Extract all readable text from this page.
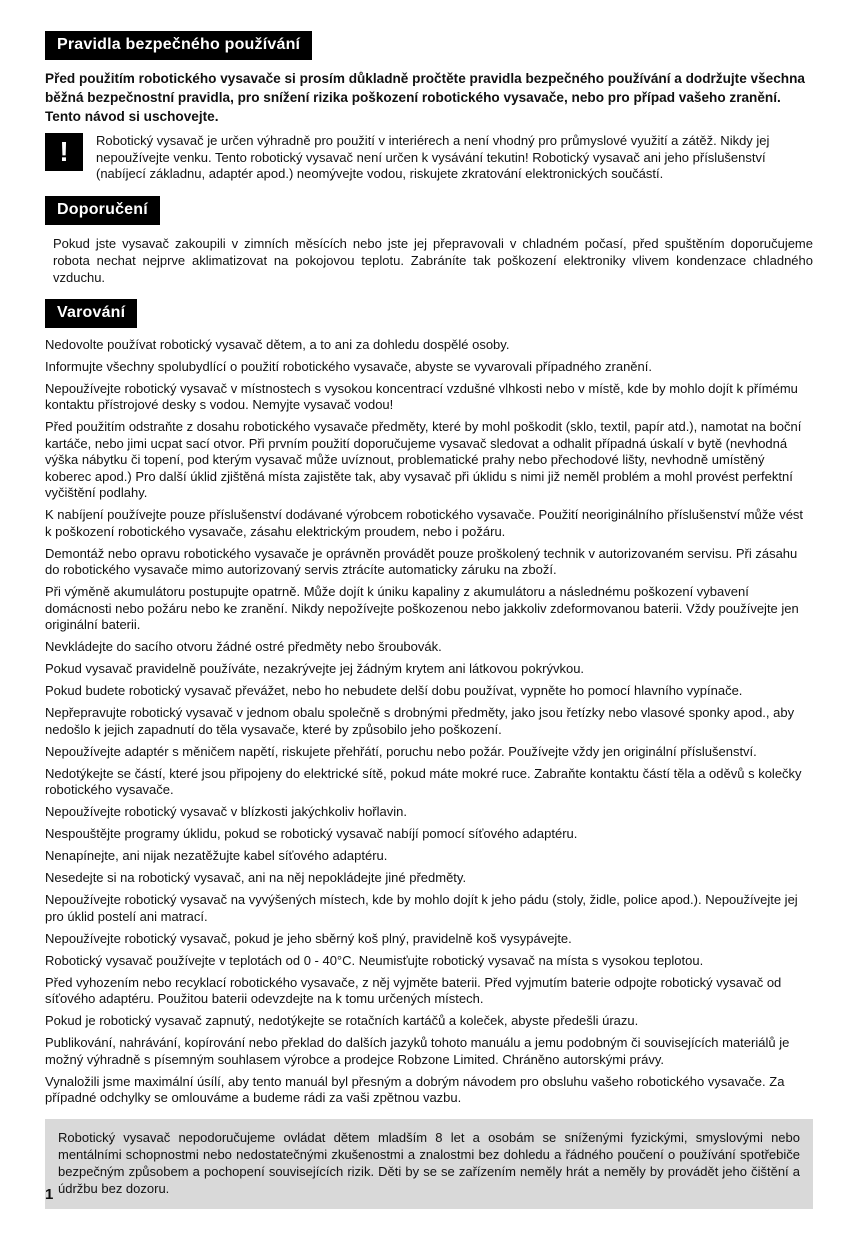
Pravidla bezpečného používání

Před použitím robotického vysavače si prosím důkladně pročtěte pravidla bezpečného používání a dodržujte všechna běžná bezpečnostní pravidla, pro snížení rizika poškození robotického vysavače, nebo pro případ vašeho zranění. Tento návod si uschovejte.

!	Robotický vysavač je určen výhradně pro použití v interiérech a není vhodný pro průmyslové využití a zátěž. Nikdy jej nepoužívejte venku. Tento robotický vysavač není určen k vysávání tekutin! Robotický vysavač ani jeho příslušenství (nabíjecí základnu, adaptér apod.) neomývejte vodou, riskujete zkratování elektronických součástí.

Doporučení

Pokud jste vysavač zakoupili v zimních měsících nebo jste jej přepravovali v chladném počasí, před spuštěním doporučujeme robota nechat nejprve aklimatizovat na pokojovou teplotu. Zabráníte tak poškození elektroniky vlivem kondenzace chladného vzduchu.

Varování

Nedovolte používat robotický vysavač dětem, a to ani za dohledu dospělé osoby.

Informujte všechny spolubydlící o použití robotického vysavače, abyste se vyvarovali případného zranění.

Nepoužívejte robotický vysavač v místnostech s vysokou koncentrací vzdušné vlhkosti nebo v místě, kde by mohlo dojít k přímému kontaktu přístrojové desky s vodou. Nemyjte vysavač vodou!

Před použitím odstraňte z dosahu robotického vysavače předměty, které by mohl poškodit (sklo, textil, papír atd.), namotat na boční kartáče, nebo jimi ucpat sací otvor. Při prvním použití doporučujeme vysavač sledovat a odhalit případná úskalí v bytě (nevhodná výška nábytku či topení, pod kterým vysavač může uvíznout, problematické prahy nebo přechodové lišty, nevhodně umístěný koberec apod.) Pro další úklid zjištěná místa zajistěte tak, aby vysavač při úklidu s nimi již neměl problém a mohl provést perfektní vyčištění podlahy.

K nabíjení používejte pouze příslušenství dodávané výrobcem robotického vysavače. Použití neoriginálního příslušenství může vést k poškození robotického vysavače, zásahu elektrickým proudem, nebo i požáru.

Demontáž nebo opravu robotického vysavače je oprávněn provádět pouze proškolený technik v autorizovaném servisu. Při zásahu do robotického vysavače mimo autorizovaný servis ztrácíte automaticky záruku na zboží.

Při výměně akumulátoru postupujte opatrně. Může dojít k úniku kapaliny z akumulátoru a následnému poškození vybavení domácnosti nebo požáru nebo ke zranění. Nikdy nepožívejte poškozenou nebo jakkoliv zdeformovanou baterii. Vždy používejte jen originální baterii.

Nevkládejte do sacího otvoru žádné ostré předměty nebo šroubovák.

Pokud vysavač pravidelně používáte, nezakrývejte jej žádným krytem ani látkovou pokrývkou.

Pokud budete robotický vysavač převážet, nebo ho nebudete delší dobu používat, vypněte ho pomocí hlavního vypínače.

Nepřepravujte robotický vysavač v jednom obalu společně s drobnými předměty, jako jsou řetízky nebo vlasové sponky apod., aby nedošlo k jejich zapadnutí do těla vysavače, které by způsobilo jeho poškození.

Nepoužívejte adaptér s měničem napětí, riskujete přehřátí, poruchu nebo požár. Používejte vždy jen originální příslušenství.

Nedotýkejte se částí, které jsou připojeny do elektrické sítě, pokud máte mokré ruce. Zabraňte kontaktu částí těla a oděvů s kolečky robotického vysavače.

Nepoužívejte robotický vysavač v blízkosti jakýchkoliv hořlavin.

Nespouštějte programy úklidu, pokud se robotický vysavač nabíjí pomocí síťového adaptéru.

Nenapínejte, ani nijak nezatěžujte kabel síťového adaptéru.

Nesedejte si na robotický vysavač, ani na něj nepokládejte jiné předměty.

Nepoužívejte robotický vysavač na vyvýšených místech, kde by mohlo dojít k jeho pádu (stoly, židle, police apod.). Nepoužívejte jej pro úklid postelí ani matrací.

Nepoužívejte robotický vysavač, pokud je jeho sběrný koš plný, pravidelně koš vysypávejte.

Robotický vysavač používejte v teplotách od 0 - 40°C. Neumisťujte robotický vysavač na místa s vysokou teplotou.

Před vyhozením nebo recyklací robotického vysavače, z něj vyjměte baterii. Před vyjmutím baterie odpojte robotický vysavač od síťového adaptéru. Použitou baterii odevzdejte na k tomu určených místech.

Pokud je robotický vysavač zapnutý, nedotýkejte se rotačních kartáčů a koleček, abyste předešli úrazu.

Publikování, nahrávání, kopírování nebo překlad do dalších jazyků tohoto manuálu a jemu podobným či souvisejících materiálů je možný výhradně s písemným souhlasem výrobce a prodejce Robzone Limited. Chráněno autorskými právy.

Vynaložili jsme maximální úsílí, aby tento manuál byl přesným a dobrým návodem pro obsluhu vašeho robotického vysavače. Za případné odchylky se omlouváme a budeme rádi za vaši zpětnou vazbu.

Robotický vysavač nepodoručujeme ovládat dětem mladším 8 let a osobám se sníženými fyzickými, smyslovými nebo mentálními schopnostmi nebo nedostatečnými zkušenostmi a znalostmi bez dohledu a řádného poučení o používání spotřebiče bezpečným způsobem a pochopení souvisejících rizik. Děti by se se zařízením neměly hrát a neměly by provádět jeho čištění a údržbu bez dozoru.
1
